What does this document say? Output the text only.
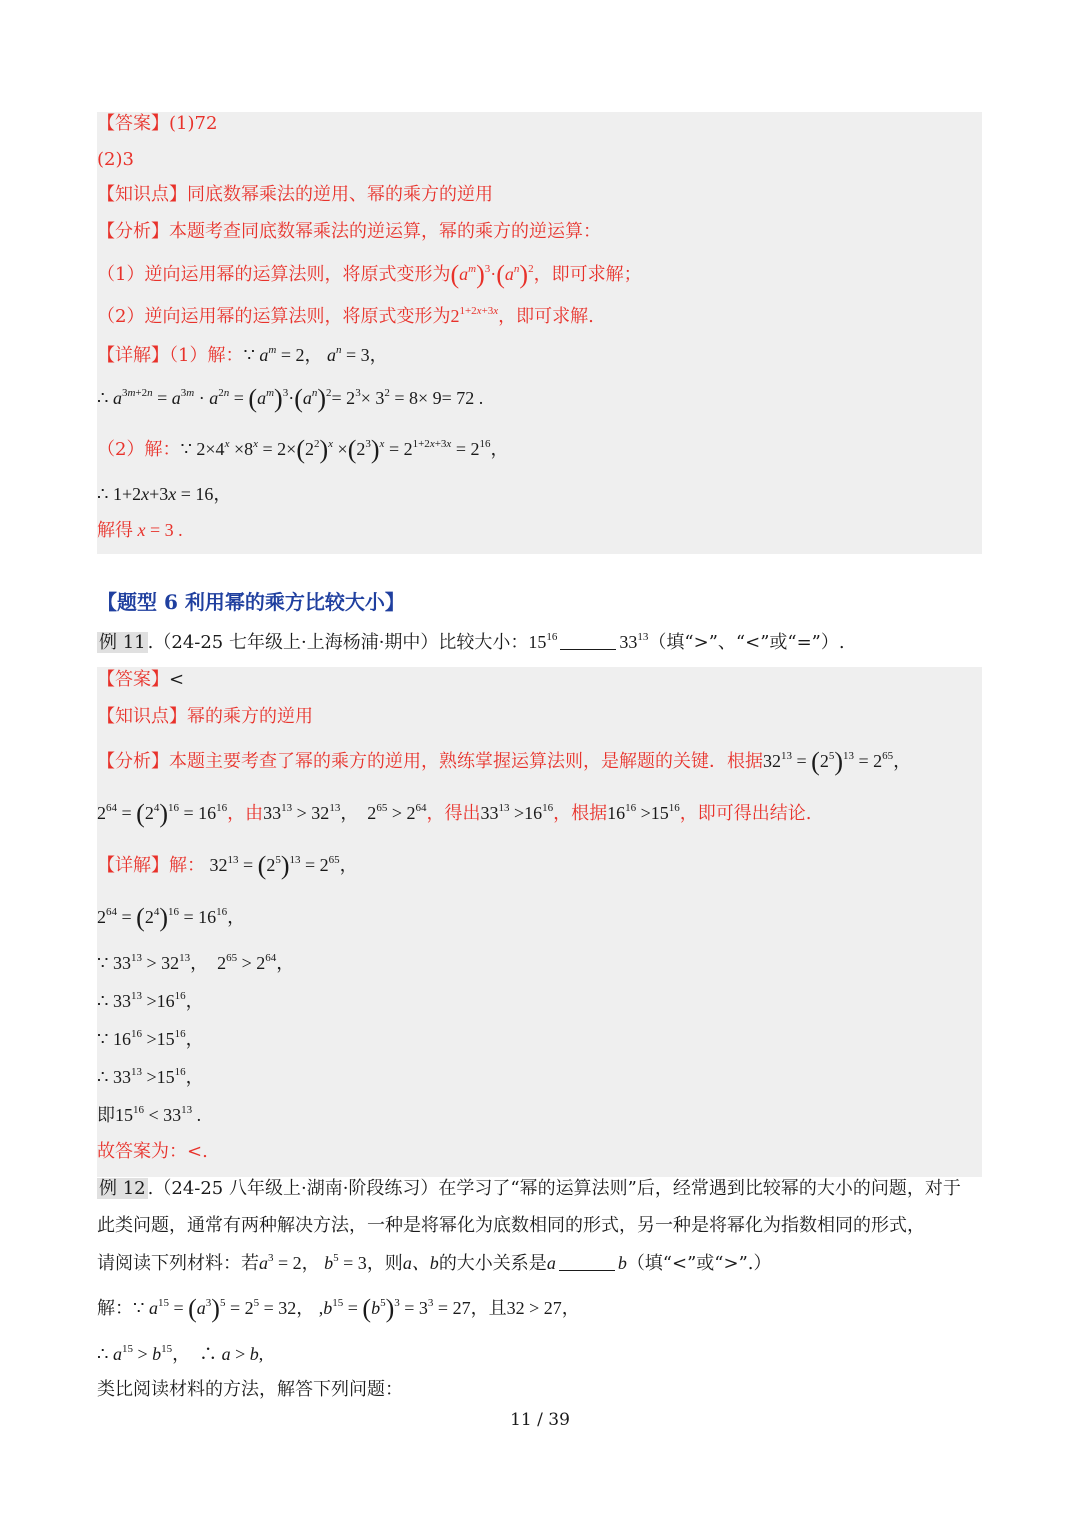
【答案】(1)72
(2)3
【知识点】同底数幂乘法的逆用、幂的乘方的逆用
【分析】本题考查同底数幂乘法的逆运算，幂的乘方的逆运算：
（1）逆向运用幂的运算法则，将原式变形为$(a^m)^3\cdot(a^n)^2$，即可求解；
（2）逆向运用幂的运算法则，将原式变形为$2^{1+2x+3x}$，即可求解.
【详解】（1）解：∵ $a^m = 2$， $a^n = 3$，
∴ $a^{3m+2n} = a^{3m} \cdot a^{2n} = (a^m)^3\cdot(a^n)^2= 2^3\times 3^2 = 8\times 9= 72$ .
（2）解：∵ $2\times 4^x \times 8^x = 2\times(2^2)^x \times(2^3)^x = 2^{1+2x+3x} = 2^{16}$，
∴ 1+2x+3x = 16，
解得 x = 3 .
【题型 6 利用幂的乘方比较大小】
例 11 .（24-25 七年级上·上海杨浦·期中）比较大小：$15^{16}$	$33^{13}$（填“>”、“<”或“=”）.
【答案】<
【知识点】幂的乘方的逆用
【分析】本题主要考查了幂的乘方的逆用，熟练掌握运算法则，是解题的关键．根据$32^{13} = (2^5)^{13} = 2^{65}$，
$2^{64} = (2^4)^{16} = 16^{16}$，由$33^{13} > 32^{13}$，　$2^{65} > 2^{64}$，得出$33^{13} >16^{16}$，根据$16^{16} >15^{16}$，即可得出结论.
【详解】解： $32^{13} = (2^5)^{13} = 2^{65}$，
$2^{64} = (2^4)^{16} = 16^{16}$，
∵ $33^{13} > 32^{13}$，　$2^{65} > 2^{64}$，
∴ $33^{13} >16^{16}$，
∵ $16^{16} >15^{16}$，
∴ $33^{13} >15^{16}$，
即$15^{16} < 33^{13}$ .
故答案为：<.
例 12 .（24-25 八年级上·湖南·阶段练习）在学习了“幂的运算法则”后，经常遇到比较幂的大小的问题，对于
此类问题，通常有两种解决方法，一种是将幂化为底数相同的形式，另一种是将幂化为指数相同的形式，
请阅读下列材料：若$a^3 = 2$， $b^5 = 3$，则a、b的大小关系是a	b（填“<”或“>”.）
解：∵ $a^{15} = (a^3)^5 = 2^5 = 32$， $,b^{15} = (b^5)^3 = 3^3 = 27$，且32 > 27，
∴ $a^{15} > b^{15}$，　∴ a > b,
类比阅读材料的方法，解答下列问题：
11 / 39
